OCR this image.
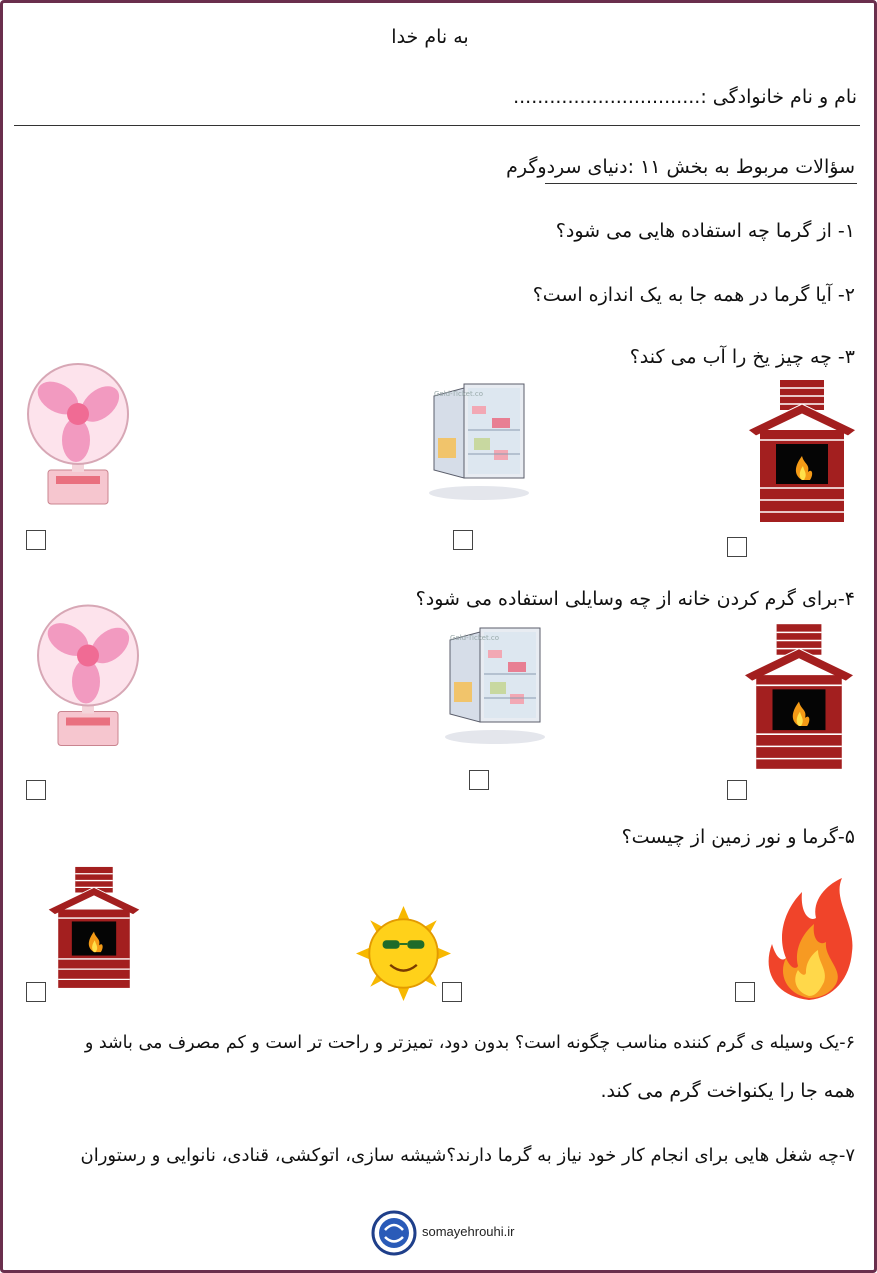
به نام خدا
نام و نام خانوادگی :...............................
سؤالات مربوط به بخش ۱۱ :دنیای سردوگرم
۱- از گرما چه استفاده هایی می شود؟
۲- آیا گرما در همه جا به یک اندازه است؟
۳- چه چیز یخ را آب می کند؟
Gold-Ticket.co
۴-برای گرم کردن خانه از چه وسایلی استفاده می شود؟
Gold-Ticket.co
۵-گرما و نور زمین از چیست؟
۶-یک وسیله ی گرم کننده مناسب چگونه است؟ بدون دود، تمیزتر و راحت تر است و کم مصرف می باشد و
همه جا را یکنواخت گرم می کند.
۷-چه شغل هایی برای انجام کار خود نیاز به گرما دارند؟شیشه سازی، اتوکشی، قنادی، نانوایی و رستوران
somayehrouhi.ir
